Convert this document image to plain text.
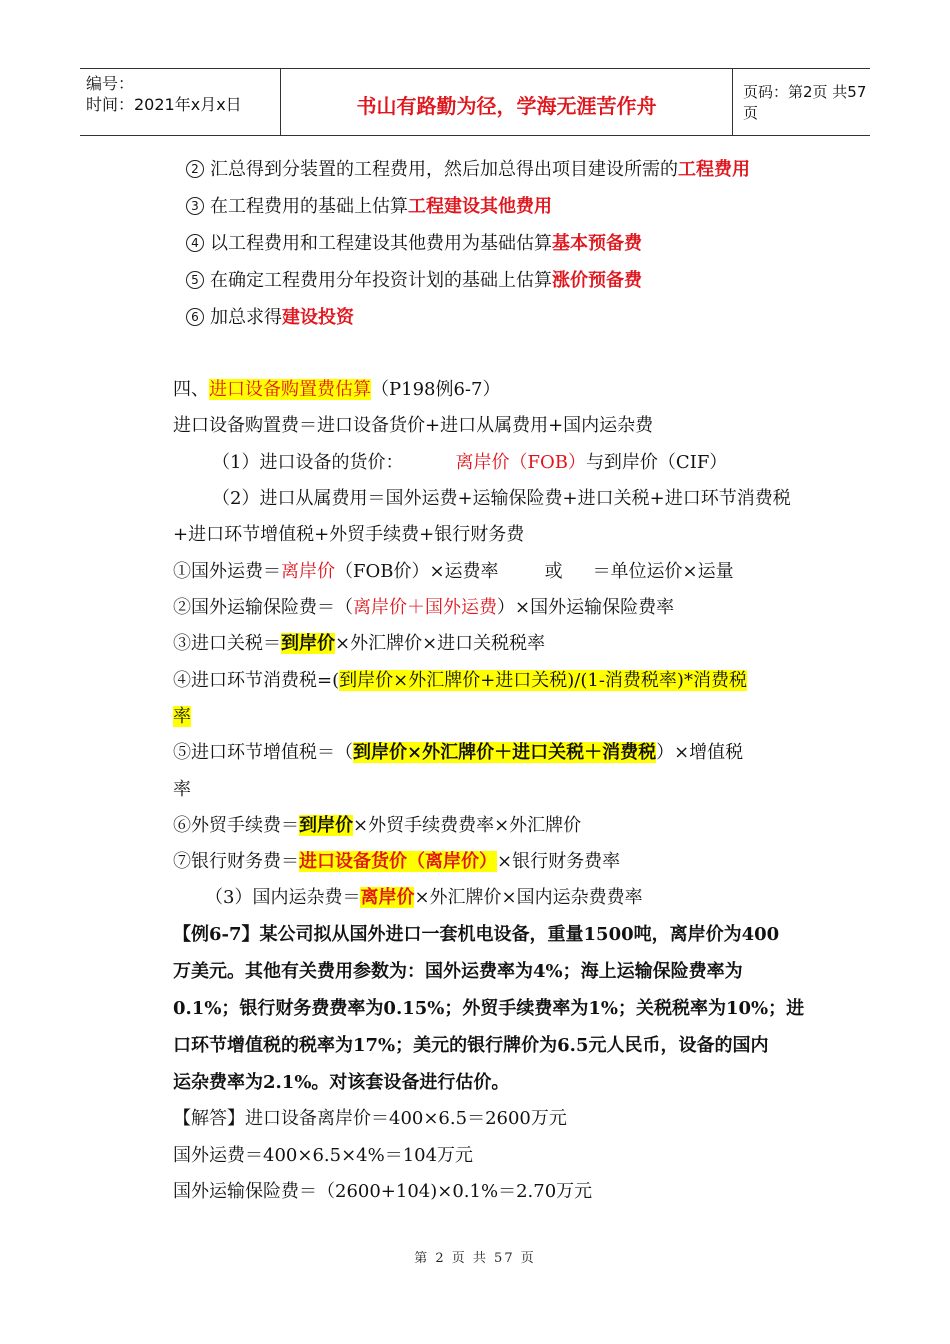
编号：
时间：2021年x月x日	书山有路勤为径，学海无涯苦作舟
页码：第2页 共57页
2 汇总得到分装置的工程费用，然后加总得出项目建设所需的工程费用
3 在工程费用的基础上估算工程建设其他费用
4 以工程费用和工程建设其他费用为基础估算基本预备费
5 在确定工程费用分年投资计划的基础上估算涨价预备费
6 加总求得建设投资
四、进口设备购置费估算（P198例6-7）
进口设备购置费＝进口设备货价+进口从属费用+国内运杂费
（1）进口设备的货价：	离岸价（FOB）与到岸价（CIF）
（2）进口从属费用＝国外运费+运输保险费+进口关税+进口环节消费税
+进口环节增值税+外贸手续费+银行财务费
①国外运费＝离岸价（FOB价）×运费率	或 ＝单位运价×运量
②国外运输保险费＝（离岸价＋国外运费）×国外运输保险费率
③进口关税＝到岸价×外汇牌价×进口关税税率
④进口环节消费税=(到岸价×外汇牌价+进口关税)/(1-消费税率)*消费税
率
⑤进口环节增值税＝（到岸价×外汇牌价＋进口关税＋消费税）×增值税
率
⑥外贸手续费＝到岸价×外贸手续费费率×外汇牌价
⑦银行财务费＝进口设备货价（离岸价）×银行财务费率
（3）国内运杂费＝离岸价×外汇牌价×国内运杂费费率
【例6-7】某公司拟从国外进口一套机电设备，重量1500吨，离岸价为400
万美元。其他有关费用参数为：国外运费率为4%；海上运输保险费率为
0.1%；银行财务费费率为0.15%；外贸手续费率为1%；关税税率为10%；进
口环节增值税的税率为17%；美元的银行牌价为6.5元人民币，设备的国内
运杂费率为2.1%。对该套设备进行估价。
【解答】进口设备离岸价＝400×6.5＝2600万元
国外运费＝400×6.5×4%＝104万元
国外运输保险费＝（2600+104)×0.1%＝2.70万元
第 2 页 共 57 页
